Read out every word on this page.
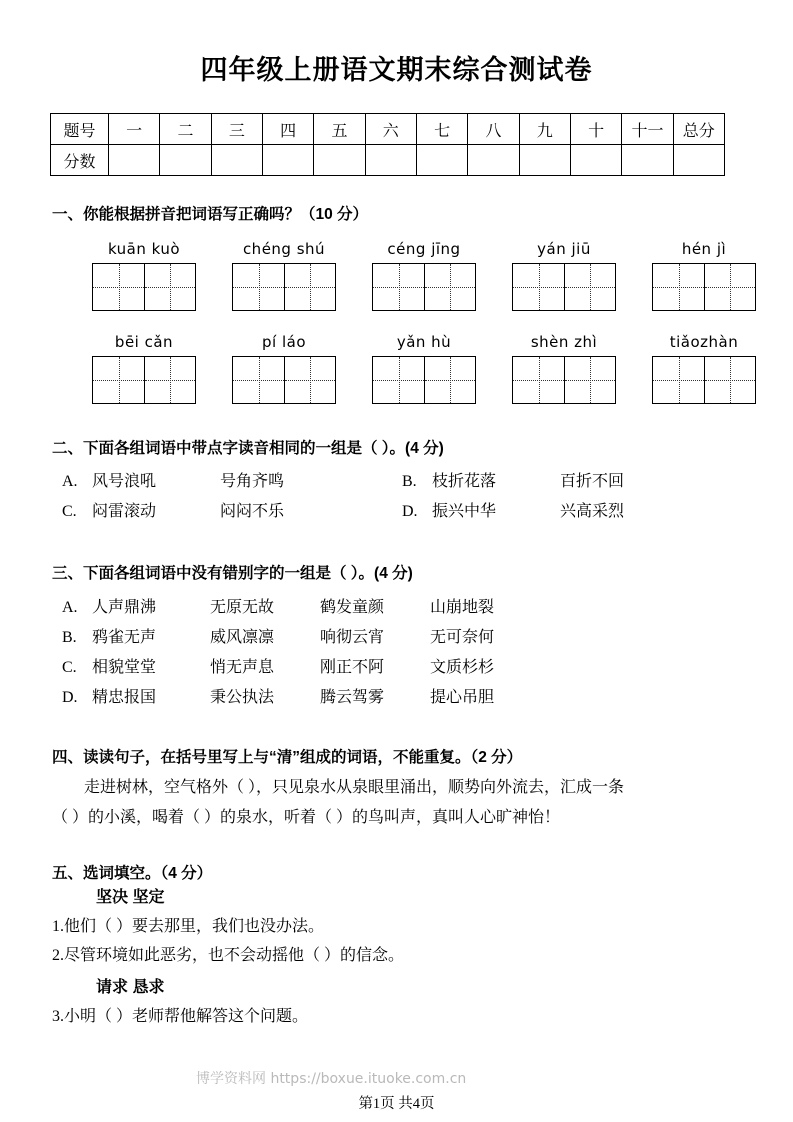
四年级上册语文期末综合测试卷
题号	一	二	三	四	五	六	七	八	九	十	十一	总分
分数												
一、你能根据拼音把词语写正确吗？（10 分）
kuān kuò	chéng shú	céng jīng	yán jiū	hén jì
bēi cǎn	pí láo	yǎn hù	shèn zhì	tiǎozhàn
二、下面各组词语中带点字读音相同的一组是（ ）。(4 分)
A. 风号浪吼	号角齐鸣	B. 枝折花落	百折不回
C. 闷雷滚动	闷闷不乐	D. 振兴中华	兴高采烈
三、下面各组词语中没有错别字的一组是（ ）。(4 分)
A. 人声鼎沸	无原无故	鹤发童颜	山崩地裂
B. 鸦雀无声	威风凛凛	响彻云宵	无可奈何
C. 相貌堂堂	悄无声息	刚正不阿	文质杉杉
D. 精忠报国	秉公执法	腾云驾雾	提心吊胆
四、读读句子，在括号里写上与“清”组成的词语，不能重复。（2 分）
走进树林，空气格外（ ），只见泉水从泉眼里涌出，顺势向外流去，汇成一条
（ ）的小溪，喝着（ ）的泉水，听着（ ）的鸟叫声，真叫人心旷神怡！
五、选词填空。（4 分）
坚决 坚定
1.他们（ ）要去那里，我们也没办法。
2.尽管环境如此恶劣，也不会动摇他（ ）的信念。
请求 恳求
3.小明（ ）老师帮他解答这个问题。
博学资料网 https://boxue.ituoke.com.cn
第1页 共4页
